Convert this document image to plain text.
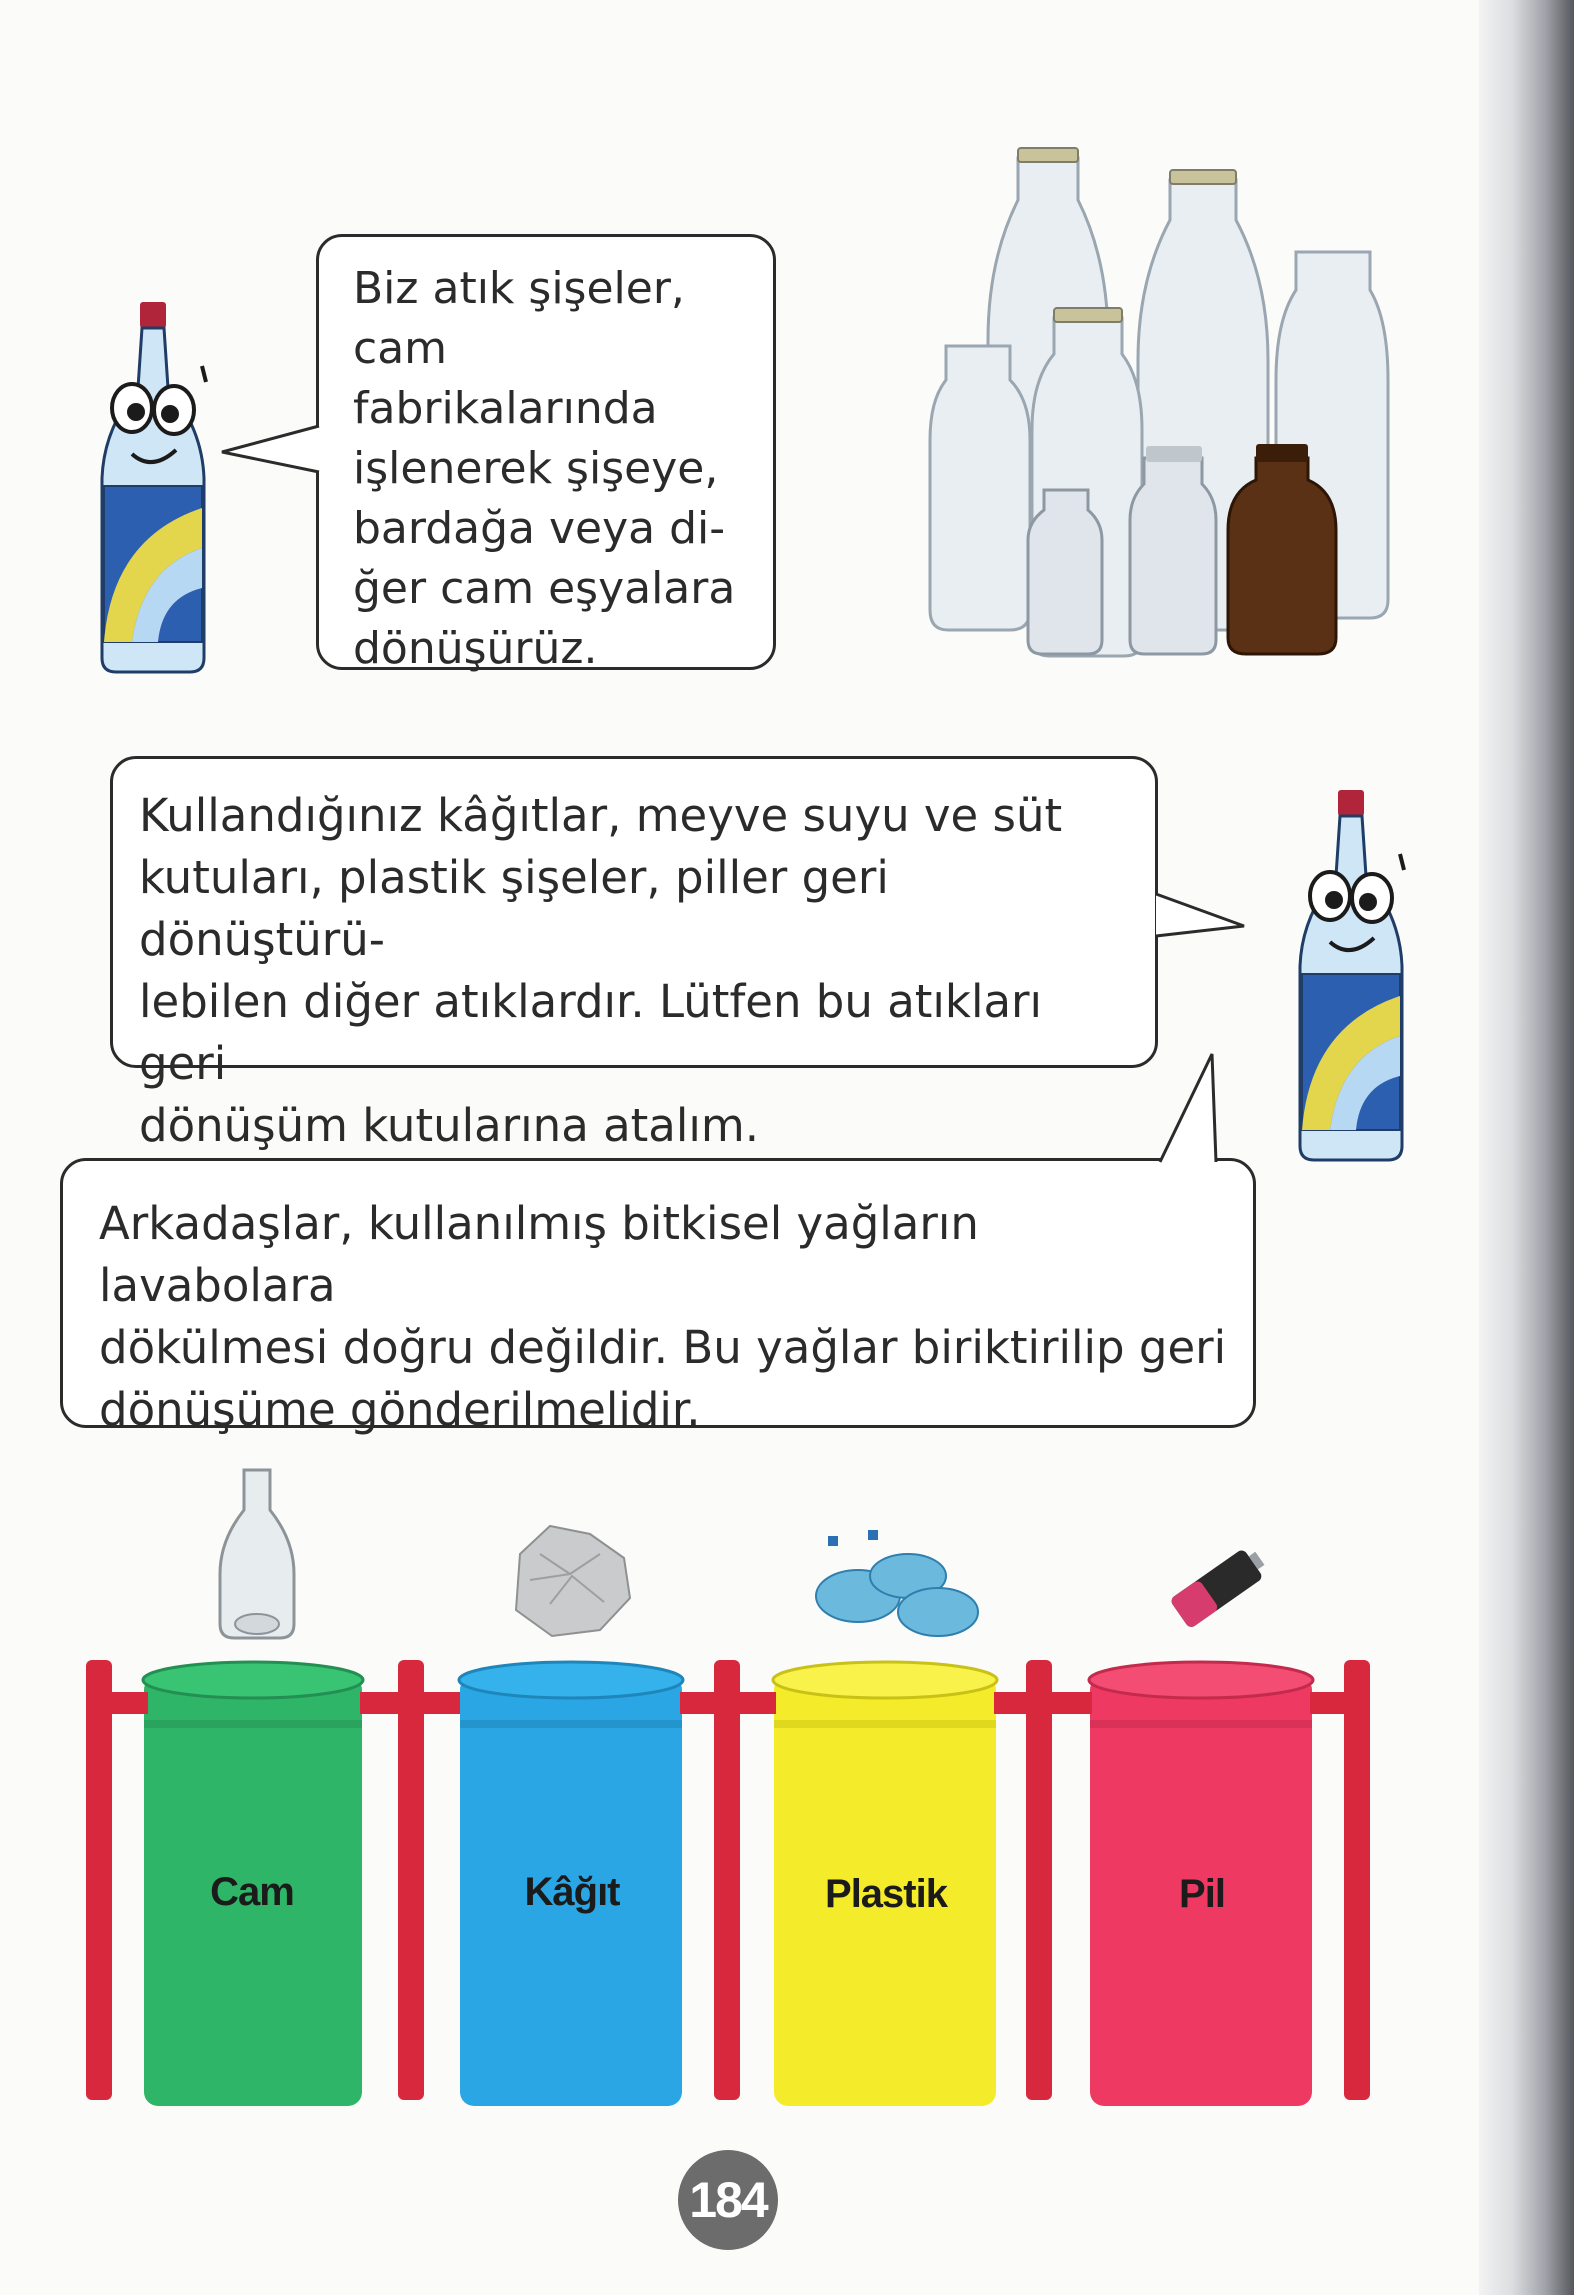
Biz atık şişeler,

cam fabrikalarında

işlenerek şişeye,

bardağa veya di-

ğer cam eşyalara

dönüşürüz.

Kullandığınız kâğıtlar, meyve suyu ve süt

kutuları, plastik şişeler, piller geri dönüştürü-

lebilen diğer atıklardır. Lütfen bu atıkları geri

dönüşüm kutularına atalım.

Arkadaşlar, kullanılmış bitkisel yağların lavabolara

dökülmesi doğru değildir. Bu yağlar biriktirilip geri

dönüşüme gönderilmelidir.

Cam	Kâğıt	Plastik	Pil
184
